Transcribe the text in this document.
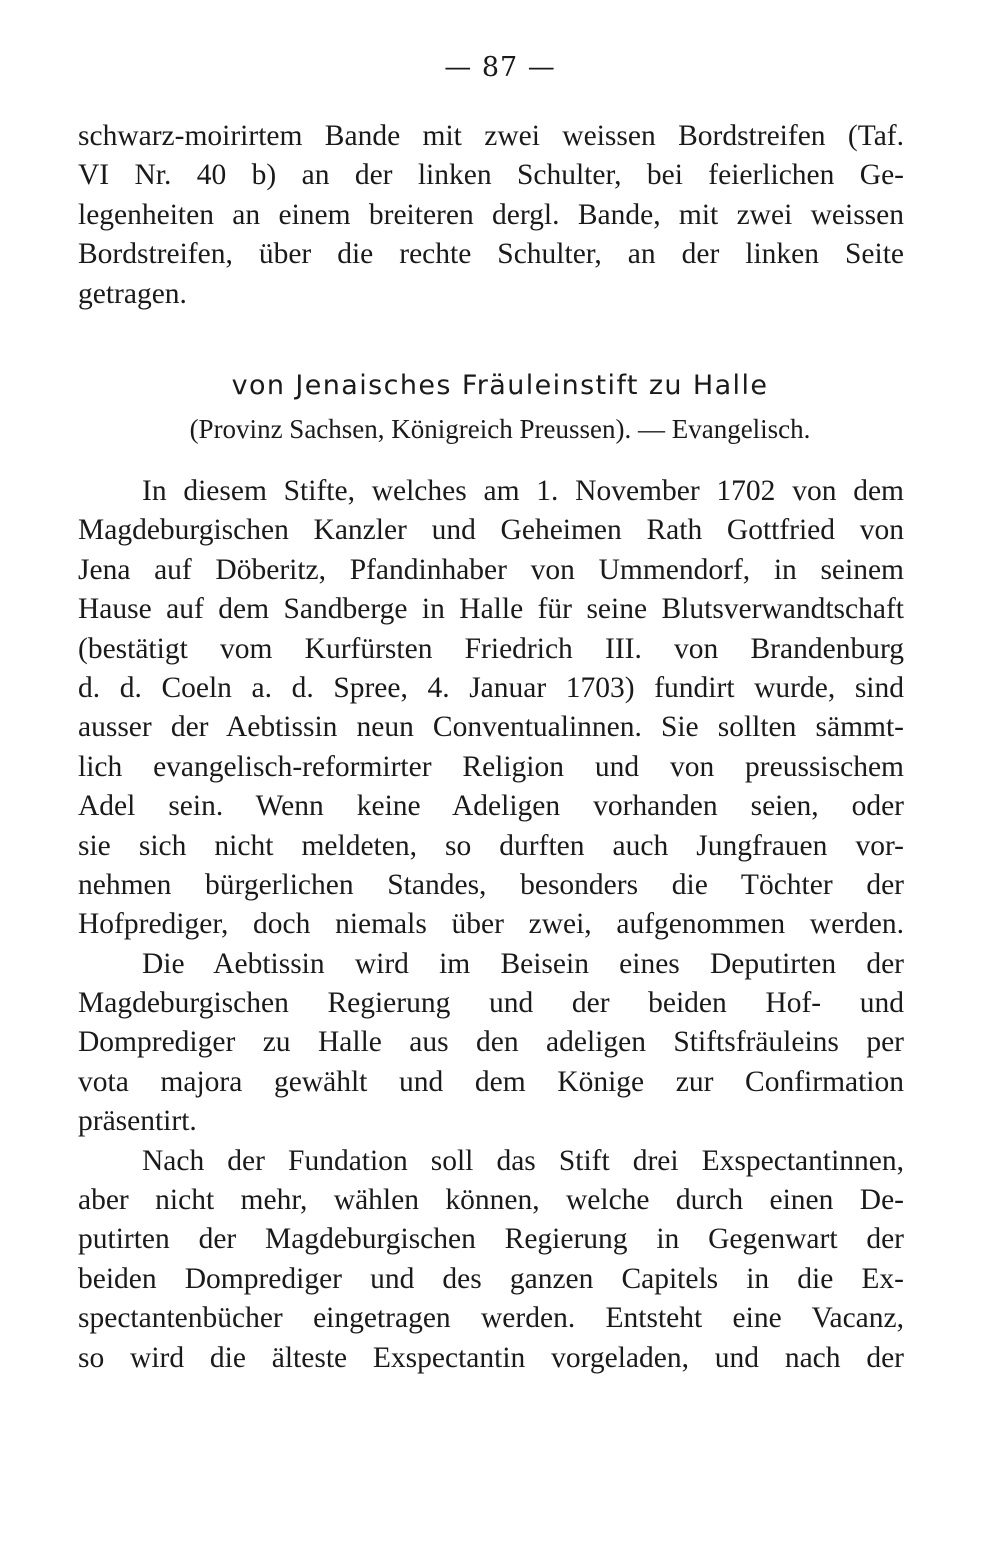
— 87 —
schwarz-moirirtem Bande mit zwei weissen Bordstreifen (Taf.
VI Nr. 40 b) an der linken Schulter, bei feierlichen Ge-
legenheiten an einem breiteren dergl. Bande, mit zwei weissen
Bordstreifen, über die rechte Schulter, an der linken Seite
getragen.
von Jenaisches Fräuleinstift zu Halle
(Provinz Sachsen, Königreich Preussen). — Evangelisch.
In diesem Stifte, welches am 1. November 1702 von dem
Magdeburgischen Kanzler und Geheimen Rath Gottfried von
Jena auf Döberitz, Pfandinhaber von Ummendorf, in seinem
Hause auf dem Sandberge in Halle für seine Blutsverwandtschaft
(bestätigt vom Kurfürsten Friedrich III. von Brandenburg
d. d. Coeln a. d. Spree, 4. Januar 1703) fundirt wurde, sind
ausser der Aebtissin neun Conventualinnen. Sie sollten sämmt-
lich evangelisch-reformirter Religion und von preussischem
Adel sein. Wenn keine Adeligen vorhanden seien, oder
sie sich nicht meldeten, so durften auch Jungfrauen vor-
nehmen bürgerlichen Standes, besonders die Töchter der
Hofprediger, doch niemals über zwei, aufgenommen werden.
Die Aebtissin wird im Beisein eines Deputirten der
Magdeburgischen Regierung und der beiden Hof- und
Domprediger zu Halle aus den adeligen Stiftsfräuleins per
vota majora gewählt und dem Könige zur Confirmation
präsentirt.
Nach der Fundation soll das Stift drei Exspectantinnen,
aber nicht mehr, wählen können, welche durch einen De-
putirten der Magdeburgischen Regierung in Gegenwart der
beiden Domprediger und des ganzen Capitels in die Ex-
spectantenbücher eingetragen werden. Entsteht eine Vacanz,
so wird die älteste Exspectantin vorgeladen, und nach der
